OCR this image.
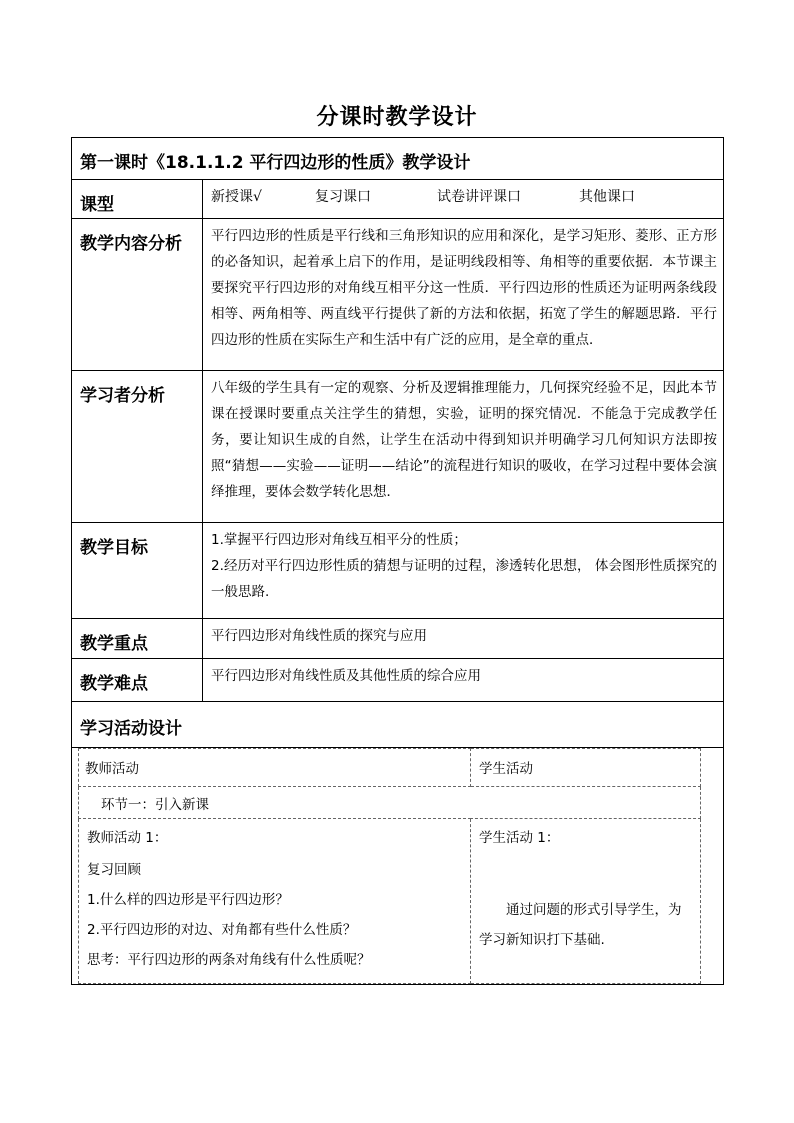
分课时教学设计
第一课时《18.1.1.2 平行四边形的性质》教学设计
课型	新授课√	复习课口	试卷讲评课口	其他课口

教学内容分析	平行四边形的性质是平行线和三角形知识的应用和深化，是学习矩形、菱形、正方形的必备知识，起着承上启下的作用，是证明线段相等、角相等的重要依据．本节课主要探究平行四边形的对角线互相平分这一性质．平行四边形的性质还为证明两条线段相等、两角相等、两直线平行提供了新的方法和依据，拓宽了学生的解题思路．平行四边形的性质在实际生产和生活中有广泛的应用，是全章的重点．
学习者分析	八年级的学生具有一定的观察、分析及逻辑推理能力，几何探究经验不足，因此本节课在授课时要重点关注学生的猜想，实验，证明的探究情况．不能急于完成教学任务，要让知识生成的自然，让学生在活动中得到知识并明确学习几何知识方法即按照“猜想——实验——证明——结论”的流程进行知识的吸收，在学习过程中要体会演绎推理，要体会数学转化思想．
教学目标	1.掌握平行四边形对角线互相平分的性质；
2.经历对平行四边形性质的猜想与证明的过程，渗透转化思想， 体会图形性质探究的一般思路.

教学重点	平行四边形对角线性质的探究与应用
教学难点	平行四边形对角线性质及其他性质的综合应用
学习活动设计

教师活动	学生活动
环节一：引入新课

教师活动 1：
复习回顾
1.什么样的四边形是平行四边形？
2.平行四边形的对边、对角都有些什么性质？
思考：平行四边形的两条对角线有什么性质呢？

学生活动 1：
通过问题的形式引导学生，为学习新知识打下基础.
